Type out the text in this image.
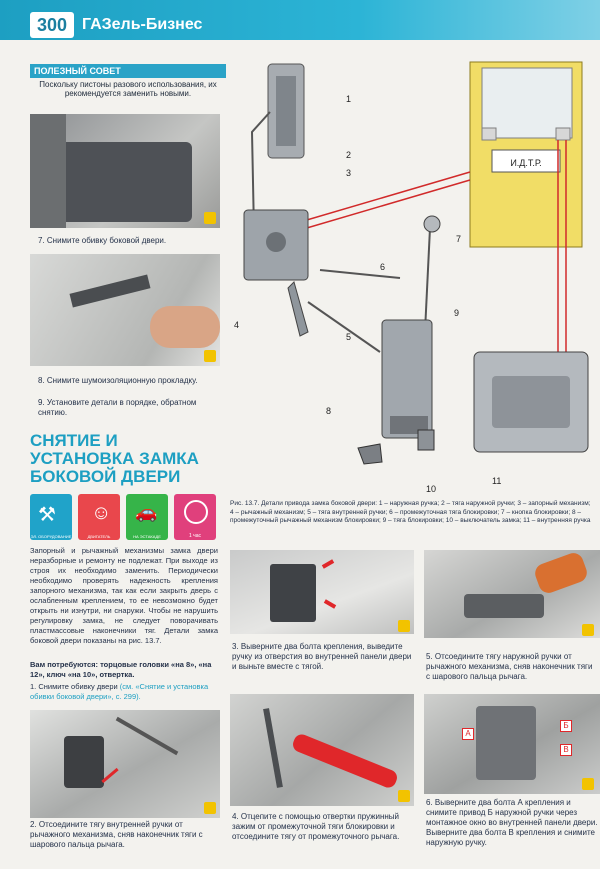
300 ГАЗель-Бизнес
ПОЛЕЗНЫЙ СОВЕТ
Поскольку пистоны разового использования, их рекомендуется заменить новыми.
7. Снимите обивку боковой двери.
8. Снимите шумоизоляционную прокладку.
9. Установите детали в порядке, обратном снятию.
СНЯТИЕ И УСТАНОВКА ЗАМКА БОКОВОЙ ДВЕРИ
⚒
ЭЛ. ОБОРУДОВАНИЕ
☺
ДВИГАТЕЛЬ
🚗
НА ЭСТАКАДЕ	1 час
Запорный и рычажный механизмы замка двери неразборные и ремонту не подлежат. При выходе из строя их необходимо заменить. Периодически необходимо проверять надежность крепления запорного механизма, так как если закрыть дверь с ослабленным креплением, то ее невозможно будет открыть ни изнутри, ни снаружи. Чтобы не нарушить регулировку замка, не следует поворачивать пластмассовые наконечники тяг. Детали замка боковой двери показаны на рис. 13.7.
Вам потребуются: торцовые головки «на 8», «на 12», ключ «на 10», отвертка.
1. Снимите обивку двери (см. «Снятие и установка обивки боковой двери», с. 299).
2. Отсоедините тягу внутренней ручки от рычажного механизма, сняв наконечник тяги с шарового пальца рычага.
И.Д.Т.Р.
1
2
3
4
5
6
7
8
9
10
11
Рис. 13.7. Детали привода замка боковой двери: 1 – наружная ручка; 2 – тяга наружной ручки; 3 – запорный механизм; 4 – рычажный механизм; 5 – тяга внутренней ручки; 6 – промежуточная тяга блокировки; 7 – кнопка блокировки; 8 – промежуточный рычажный механизм блокировки; 9 – тяга блокировки; 10 – выключатель замка; 11 – внутренняя ручка
3. Выверните два болта крепления, выведите ручку из отверстия во внутренней панели двери и выньте вместе с тягой.
5. Отсоедините тягу наружной ручки от рычажного механизма, сняв наконечник тяги с шарового пальца рычага.
4. Отцепите с помощью отвертки пружинный зажим от промежуточной тяги блокировки и отсоедините тягу от промежуточного рычага.
А
Б
В
6. Выверните два болта А крепления и снимите привод Б наружной ручки через монтажное окно во внутренней панели двери. Выверните два болта В крепления и снимите наружную ручку.
